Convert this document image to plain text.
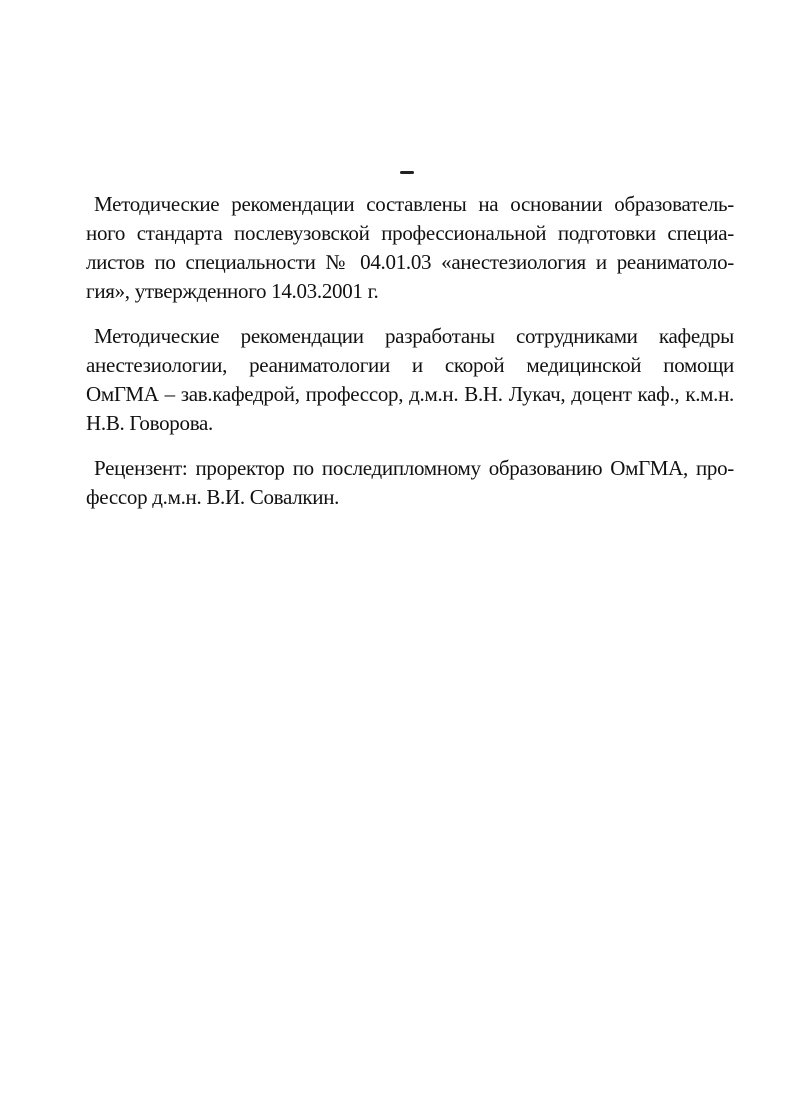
Методические рекомендации составлены на основании образователь-
ного стандарта послевузовской профессиональной подготовки специа-
листов по специальности № 04.01.03 «анестезиология и реаниматоло-
гия», утвержденного 14.03.2001 г.
Методические рекомендации разработаны сотрудниками кафедры
анестезиологии, реаниматологии и скорой медицинской помощи
ОмГМА – зав.кафедрой, профессор, д.м.н. В.Н. Лукач, доцент каф., к.м.н.
Н.В. Говорова.
Рецензент: проректор по последипломному образованию ОмГМА, про-
фессор д.м.н. В.И. Совалкин.
